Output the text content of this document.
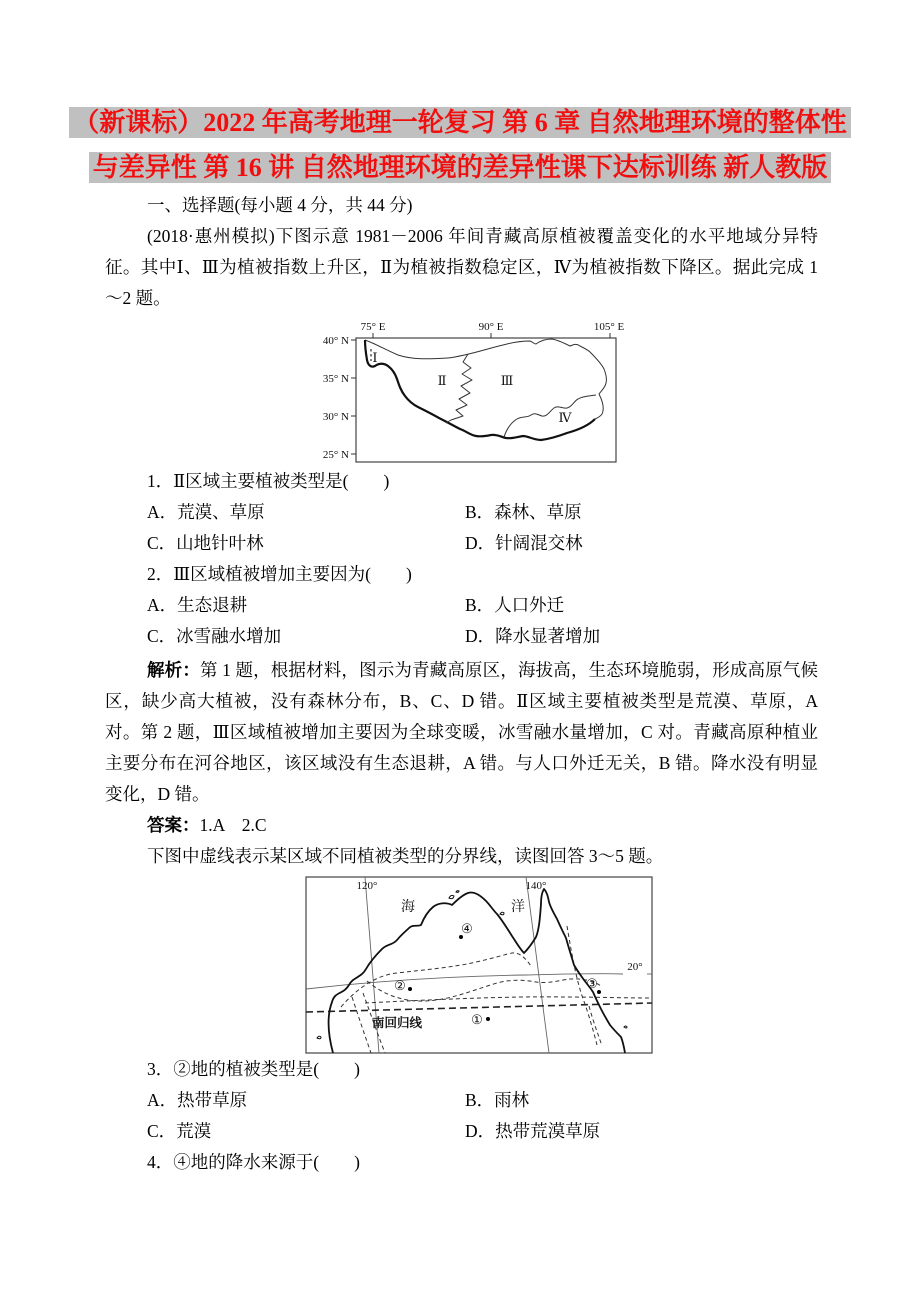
（新课标）2022 年高考地理一轮复习 第 6 章 自然地理环境的整体性
与差异性 第 16 讲 自然地理环境的差异性课下达标训练 新人教版

一、选择题(每小题 4 分，共 44 分)

(2018·惠州模拟)下图示意 1981－2006 年间青藏高原植被覆盖变化的水平地域分异特征。其中Ⅰ、Ⅲ为植被指数上升区，Ⅱ为植被指数稳定区，Ⅳ为植被指数下降区。据此完成 1～2 题。

75° E	90° E	105° E
40° N
35° N
30° N
25° N
Ⅰ
Ⅱ	Ⅲ
Ⅳ
1．Ⅱ区域主要植被类型是(　　)
A．荒漠、草原	B．森林、草原
C．山地针叶林	D．针阔混交林
2．Ⅲ区域植被增加主要因为(　　)
A．生态退耕	B．人口外迁
C．冰雪融水增加	D．降水显著增加

解析：第 1 题，根据材料，图示为青藏高原区，海拔高，生态环境脆弱，形成高原气候区，缺少高大植被，没有森林分布，B、C、D 错。Ⅱ区域主要植被类型是荒漠、草原，A 对。第 2 题，Ⅲ区域植被增加主要因为全球变暖，冰雪融水量增加，C 对。青藏高原种植业主要分布在河谷地区，该区域没有生态退耕，A 错。与人口外迁无关，B 错。降水没有明显变化，D 错。

答案：1.A　2.C

下图中虚线表示某区域不同植被类型的分界线，读图回答 3～5 题。

120°	140°
海	洋
20°
南回归线
④
②	③
①
3．②地的植被类型是(　　)
A．热带草原	B．雨林
C．荒漠	D．热带荒漠草原
4．④地的降水来源于(　　)
